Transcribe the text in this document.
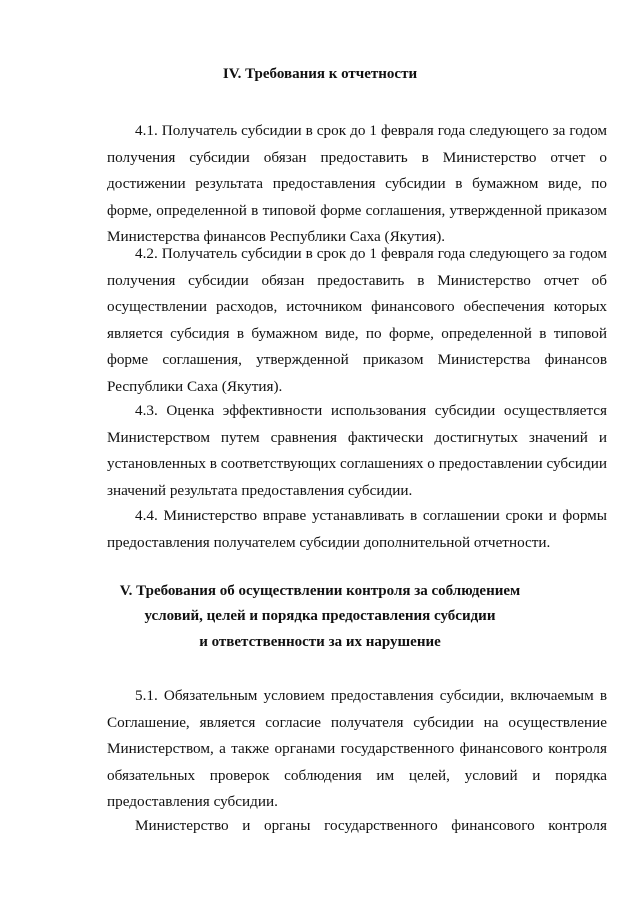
IV. Требования к отчетности

4.1. Получатель субсидии в срок до 1 февраля года следующего за годом получения субсидии обязан предоставить в Министерство отчет о достижении результата предоставления субсидии в бумажном виде, по форме, определенной в типовой форме соглашения, утвержденной приказом Министерства финансов Республики Саха (Якутия).

4.2. Получатель субсидии в срок до 1 февраля года следующего за годом получения субсидии обязан предоставить в Министерство отчет об осуществлении расходов, источником финансового обеспечения которых является субсидия в бумажном виде, по форме, определенной в типовой форме соглашения, утвержденной приказом Министерства финансов Республики Саха (Якутия).

4.3. Оценка эффективности использования субсидии осуществляется Министерством путем сравнения фактически достигнутых значений и установленных в соответствующих соглашениях о предоставлении субсидии значений результата предоставления субсидии.

4.4. Министерство вправе устанавливать в соглашении сроки и формы предоставления получателем субсидии дополнительной отчетности.

V. Требования об осуществлении контроля за соблюдением
условий, целей и порядка предоставления субсидии
и ответственности за их нарушение

5.1. Обязательным условием предоставления субсидии, включаемым в Соглашение, является согласие получателя субсидии на осуществление Министерством, а также органами государственного финансового контроля обязательных проверок соблюдения им целей, условий и порядка предоставления субсидии.

Министерство и органы государственного финансового контроля
